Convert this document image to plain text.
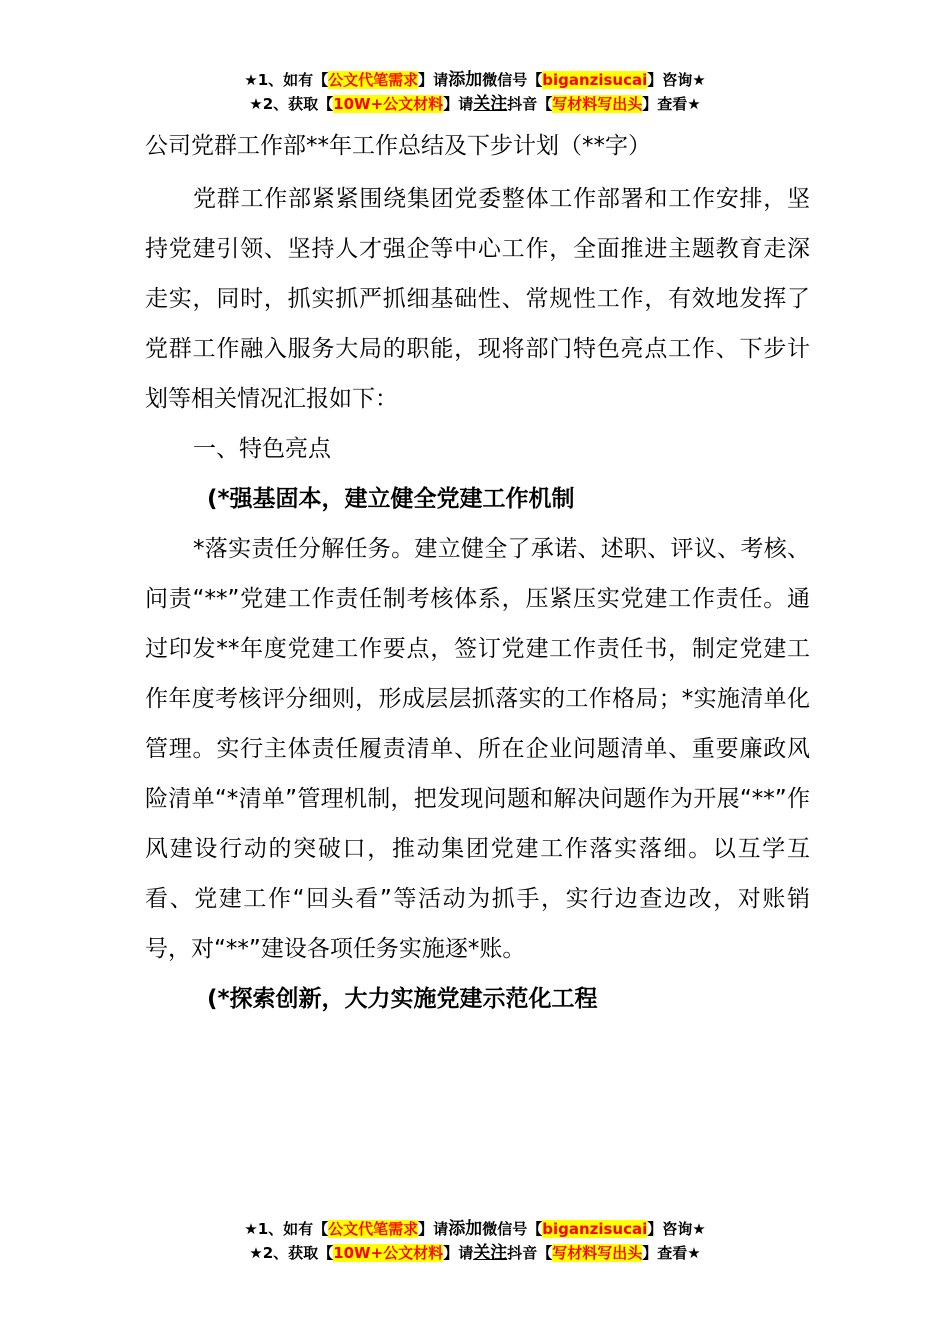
★1、如有【公文代笔需求】请添加微信号【biganzisucai】咨询★
★2、获取【10W+公文材料】请关注抖音【写材料写出头】查看★

公司党群工作部**年工作总结及下步计划（**字）

党群工作部紧紧围绕集团党委整体工作部署和工作安排，坚持党建引领、坚持人才强企等中心工作，全面推进主题教育走深走实，同时，抓实抓严抓细基础性、常规性工作，有效地发挥了党群工作融入服务大局的职能，现将部门特色亮点工作、下步计划等相关情况汇报如下：

一、特色亮点

(*强基固本，建立健全党建工作机制

*落实责任分解任务。建立健全了承诺、述职、评议、考核、问责“**”党建工作责任制考核体系，压紧压实党建工作责任。通过印发**年度党建工作要点，签订党建工作责任书，制定党建工作年度考核评分细则，形成层层抓落实的工作格局；*实施清单化管理。实行主体责任履责清单、所在企业问题清单、重要廉政风险清单“*清单”管理机制，把发现问题和解决问题作为开展“**”作风建设行动的突破口，推动集团党建工作落实落细。以互学互看、党建工作“回头看”等活动为抓手，实行边查边改，对账销号，对“**”建设各项任务实施逐*账。

(*探索创新，大力实施党建示范化工程

★1、如有【公文代笔需求】请添加微信号【biganzisucai】咨询★
★2、获取【10W+公文材料】请关注抖音【写材料写出头】查看★
